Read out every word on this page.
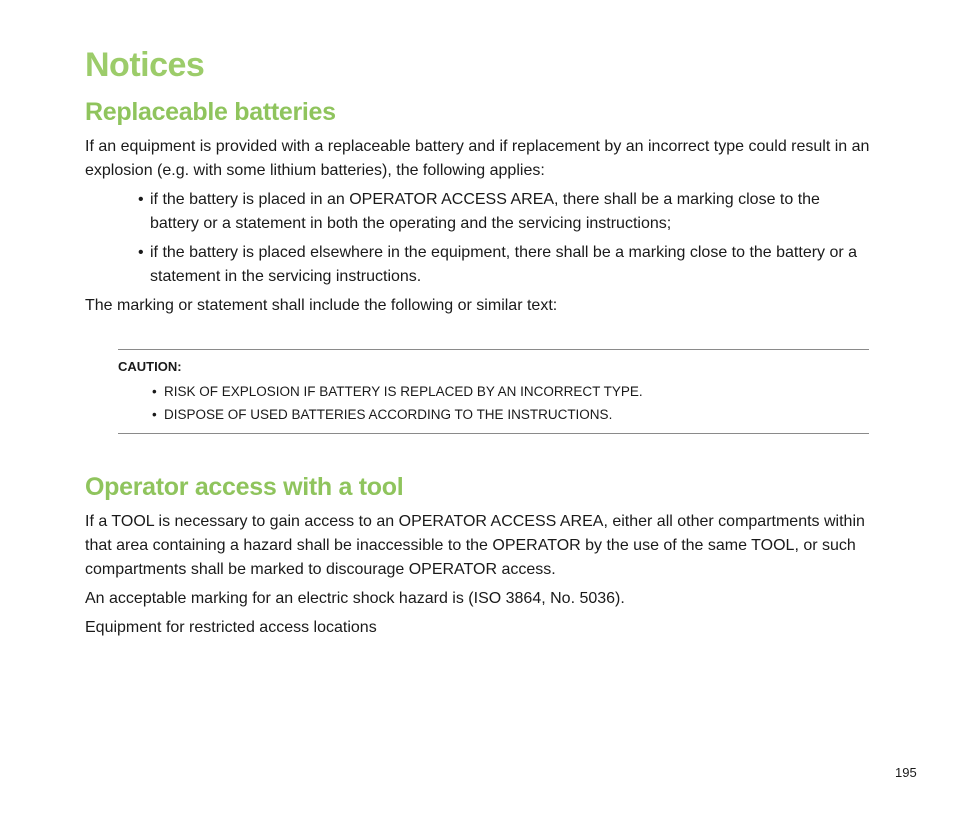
Notices
Replaceable batteries

If an equipment is provided with a replaceable battery and if replacement by an incorrect type could result in an explosion (e.g. with some lithium batteries), the following applies:

• if the battery is placed in an OPERATOR ACCESS AREA, there shall be a marking close to the battery or a statement in both the operating and the servicing instructions;
• if the battery is placed elsewhere in the equipment, there shall be a marking close to the battery or a statement in the servicing instructions.

The marking or statement shall include the following or similar text:

CAUTION:

• RISK OF EXPLOSION IF BATTERY IS REPLACED BY AN INCORRECT TYPE.
• DISPOSE OF USED BATTERIES ACCORDING TO THE INSTRUCTIONS.
Operator access with a tool

If a TOOL is necessary to gain access to an OPERATOR ACCESS AREA, either all other compartments within that area containing a hazard shall be inaccessible to the OPERATOR by the use of the same TOOL, or such compartments shall be marked to discourage OPERATOR access.

An acceptable marking for an electric shock hazard is (ISO 3864, No. 5036).

Equipment for restricted access locations

195
